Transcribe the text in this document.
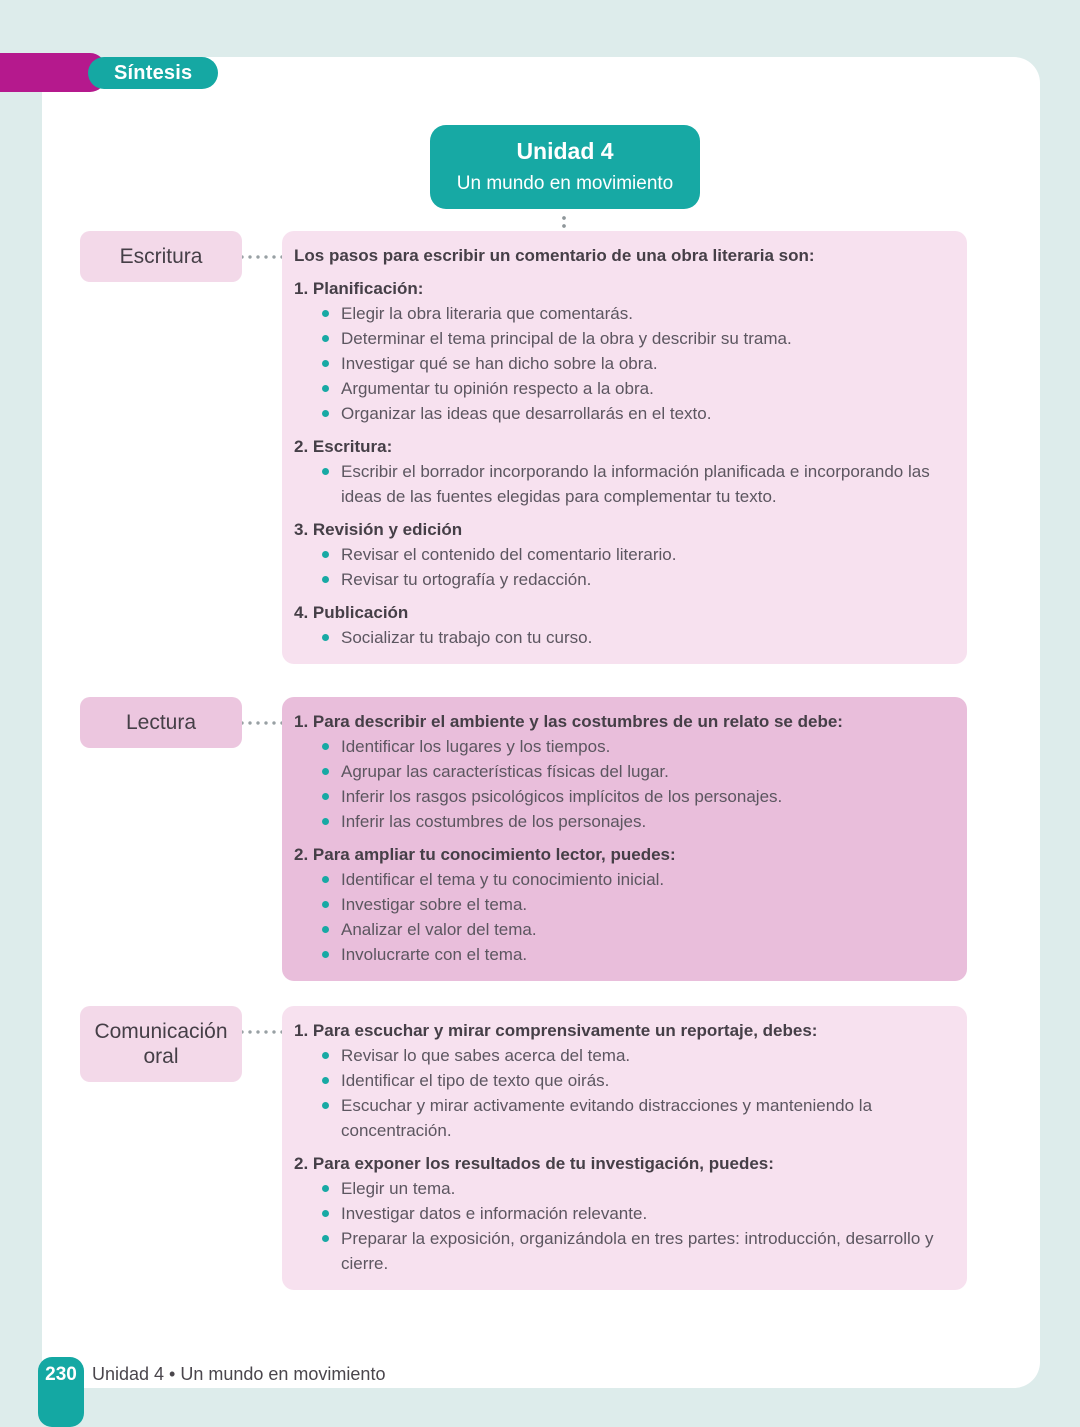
Unidad 4
Un mundo en movimiento
Escritura	Los pasos para escribir un comentario de una obra literaria son:
1. Planificación:
Elegir la obra literaria que comentarás.
Determinar el tema principal de la obra y describir su trama.
Investigar qué se han dicho sobre la obra.
Argumentar tu opinión respecto a la obra.
Organizar las ideas que desarrollarás en el texto.
2. Escritura:
Escribir el borrador incorporando la información planificada e incorporando las ideas de las fuentes elegidas para complementar tu texto.
3. Revisión y edición
Revisar el contenido del comentario literario.
Revisar tu ortografía y redacción.
4. Publicación
Socializar tu trabajo con tu curso.
Lectura	1. Para describir el ambiente y las costumbres de un relato se debe:
Identificar los lugares y los tiempos.
Agrupar las características físicas del lugar.
Inferir los rasgos psicológicos implícitos de los personajes.
Inferir las costumbres de los personajes.
2. Para ampliar tu conocimiento lector, puedes:
Identificar el tema y tu conocimiento inicial.
Investigar sobre el tema.
Analizar el valor del tema.
Involucrarte con el tema.
Comunicación oral
1. Para escuchar y mirar comprensivamente un reportaje, debes:
Revisar lo que sabes acerca del tema.
Identificar el tipo de texto que oirás.
Escuchar y mirar activamente evitando distracciones y manteniendo la concentración.
2. Para exponer los resultados de tu investigación, puedes:
Elegir un tema.
Investigar datos e información relevante.
Preparar la exposición, organizándola en tres partes: introducción, desarrollo y cierre.
Síntesis
230 Unidad 4 • Un mundo en movimiento
